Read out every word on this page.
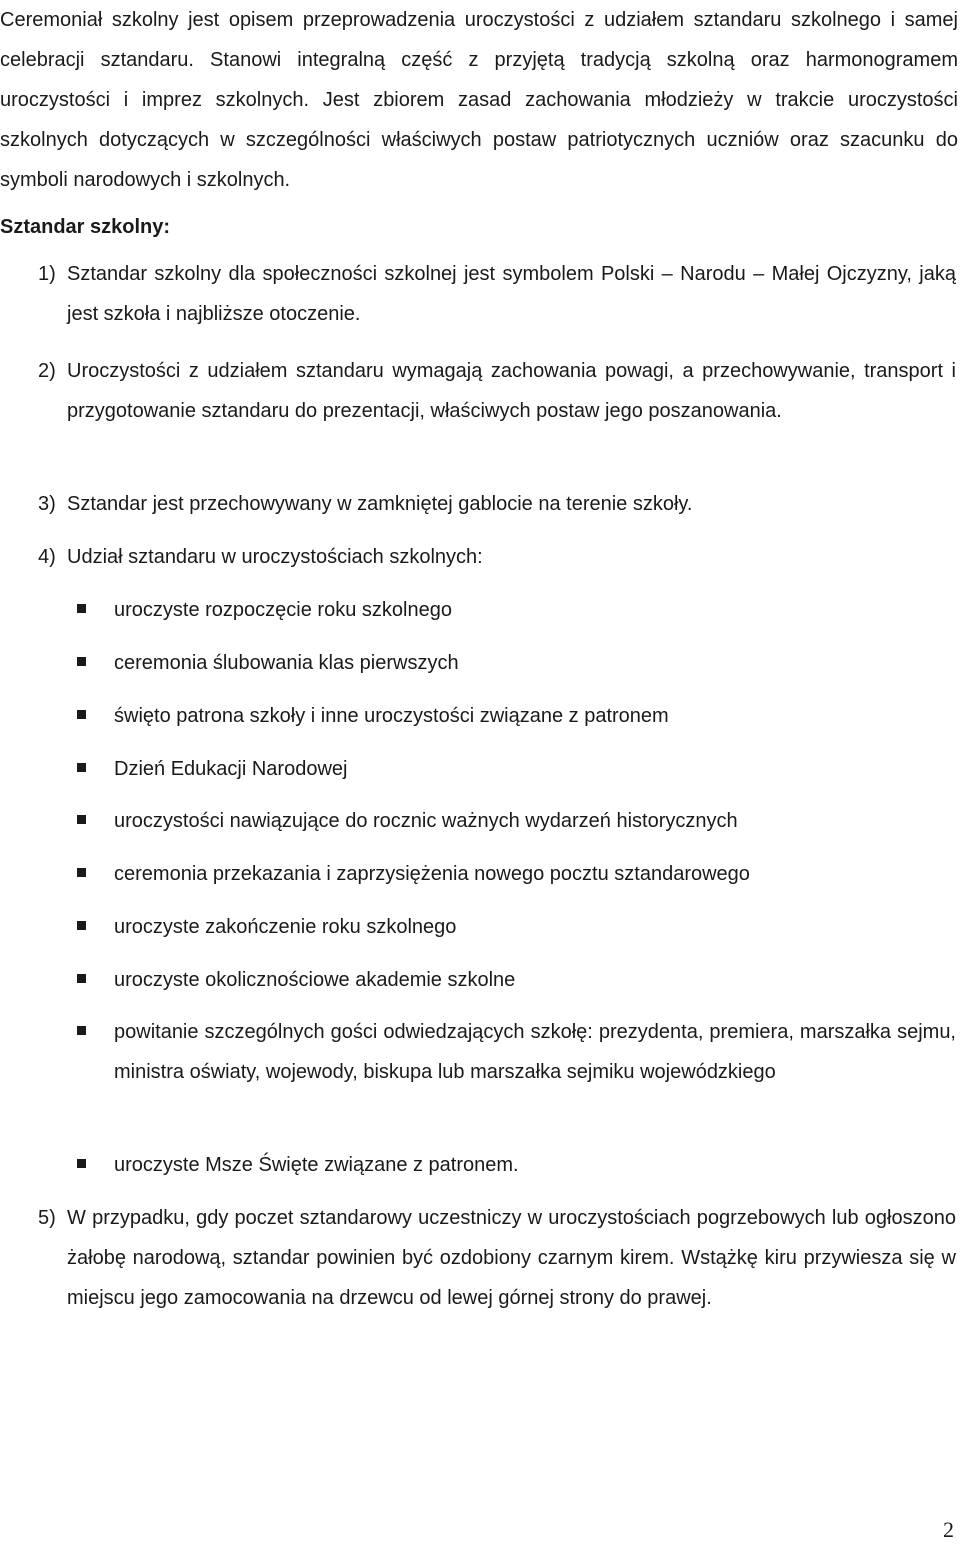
Ceremoniał szkolny jest opisem przeprowadzenia uroczystości z udziałem sztandaru szkolnego i samej celebracji sztandaru. Stanowi integralną część z przyjętą tradycją szkolną oraz harmonogramem uroczystości i imprez szkolnych. Jest zbiorem zasad zachowania młodzieży w trakcie uroczystości szkolnych dotyczących w szczególności właściwych postaw patriotycznych uczniów oraz szacunku do symboli narodowych i szkolnych.

Sztandar szkolny:

1) Sztandar szkolny dla społeczności szkolnej jest symbolem Polski – Narodu – Małej Ojczyzny, jaką jest szkoła i najbliższe otoczenie.

2) Uroczystości z udziałem sztandaru wymagają zachowania powagi, a przechowywanie, transport i przygotowanie sztandaru do prezentacji, właściwych postaw jego poszanowania.

3) Sztandar jest przechowywany w zamkniętej gablocie na terenie szkoły.

4) Udział sztandaru w uroczystościach szkolnych:

uroczyste rozpoczęcie roku szkolnego

ceremonia ślubowania klas pierwszych

święto patrona szkoły i inne uroczystości związane z patronem

Dzień Edukacji Narodowej

uroczystości nawiązujące do rocznic ważnych wydarzeń historycznych

ceremonia przekazania i zaprzysiężenia nowego pocztu sztandarowego

uroczyste zakończenie roku szkolnego

uroczyste okolicznościowe akademie szkolne

powitanie szczególnych gości odwiedzających szkołę: prezydenta, premiera, marszałka sejmu, ministra oświaty, wojewody, biskupa lub marszałka sejmiku wojewódzkiego

uroczyste Msze Święte związane z patronem.

5) W przypadku, gdy poczet sztandarowy uczestniczy w uroczystościach pogrzebowych lub ogłoszono żałobę narodową, sztandar powinien być ozdobiony czarnym kirem. Wstążkę kiru przywiesza się w miejscu jego zamocowania na drzewcu od lewej górnej strony do prawej.

2
